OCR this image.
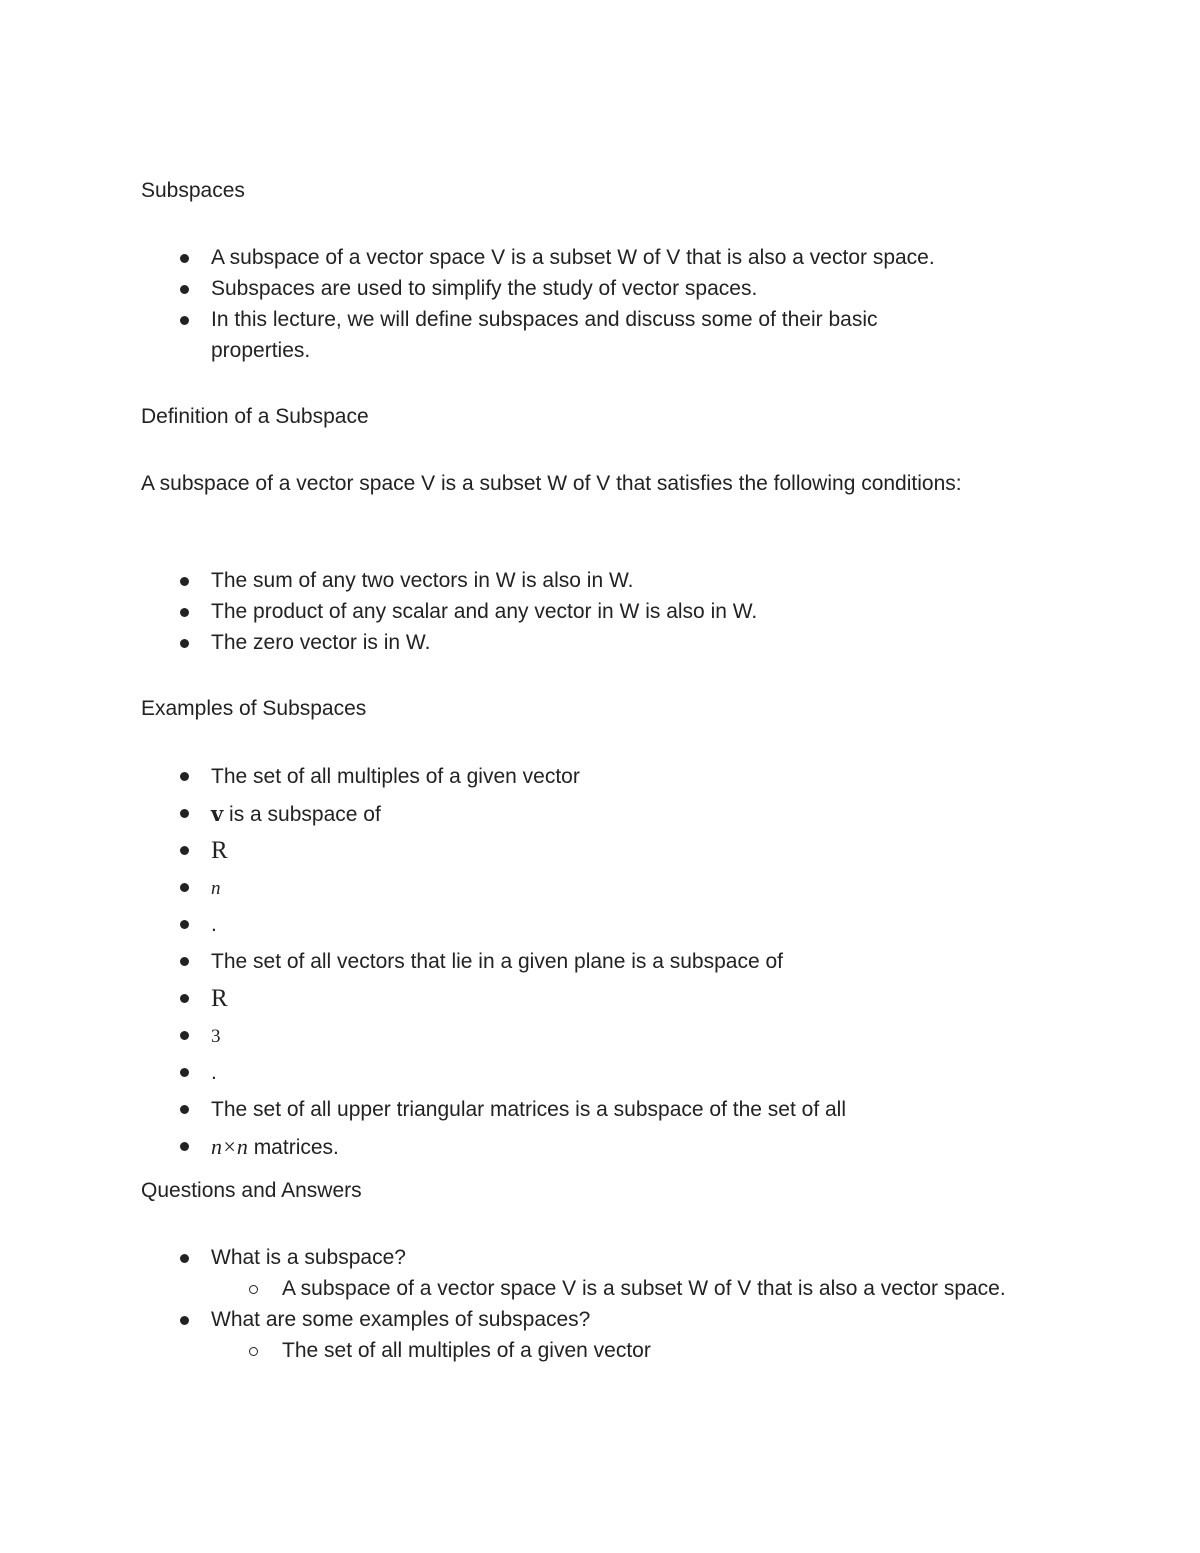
Subspaces
A subspace of a vector space V is a subset W of V that is also a vector space.
Subspaces are used to simplify the study of vector spaces.
In this lecture, we will define subspaces and discuss some of their basic properties.
Definition of a Subspace

A subspace of a vector space V is a subset W of V that satisfies the following conditions:

The sum of any two vectors in W is also in W.
The product of any scalar and any vector in W is also in W.
The zero vector is in W.
Examples of Subspaces
The set of all multiples of a given vector
v is a subspace of
R
n
.
The set of all vectors that lie in a given plane is a subspace of
R
3
.
The set of all upper triangular matrices is a subspace of the set of all
n×n matrices.
Questions and Answers
What is a subspace?
A subspace of a vector space V is a subset W of V that is also a vector space.
What are some examples of subspaces?
The set of all multiples of a given vector
